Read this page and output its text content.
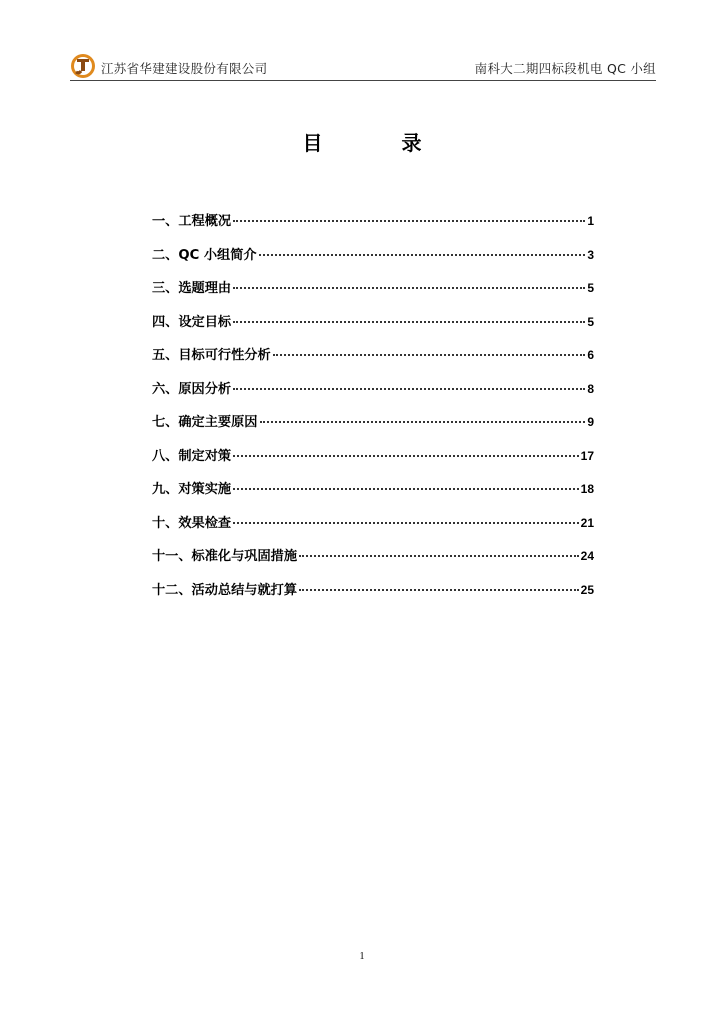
江苏省华建建设股份有限公司	南科大二期四标段机电 QC 小组
目 录
一、工程概况	1
二、QC 小组简介	3
三、选题理由	5
四、设定目标	5
五、目标可行性分析	6
六、原因分析	8
七、确定主要原因	9
八、制定对策	17
九、对策实施	18
十、效果检查	21
十一、标准化与巩固措施	24
十二、活动总结与就打算	25
1
